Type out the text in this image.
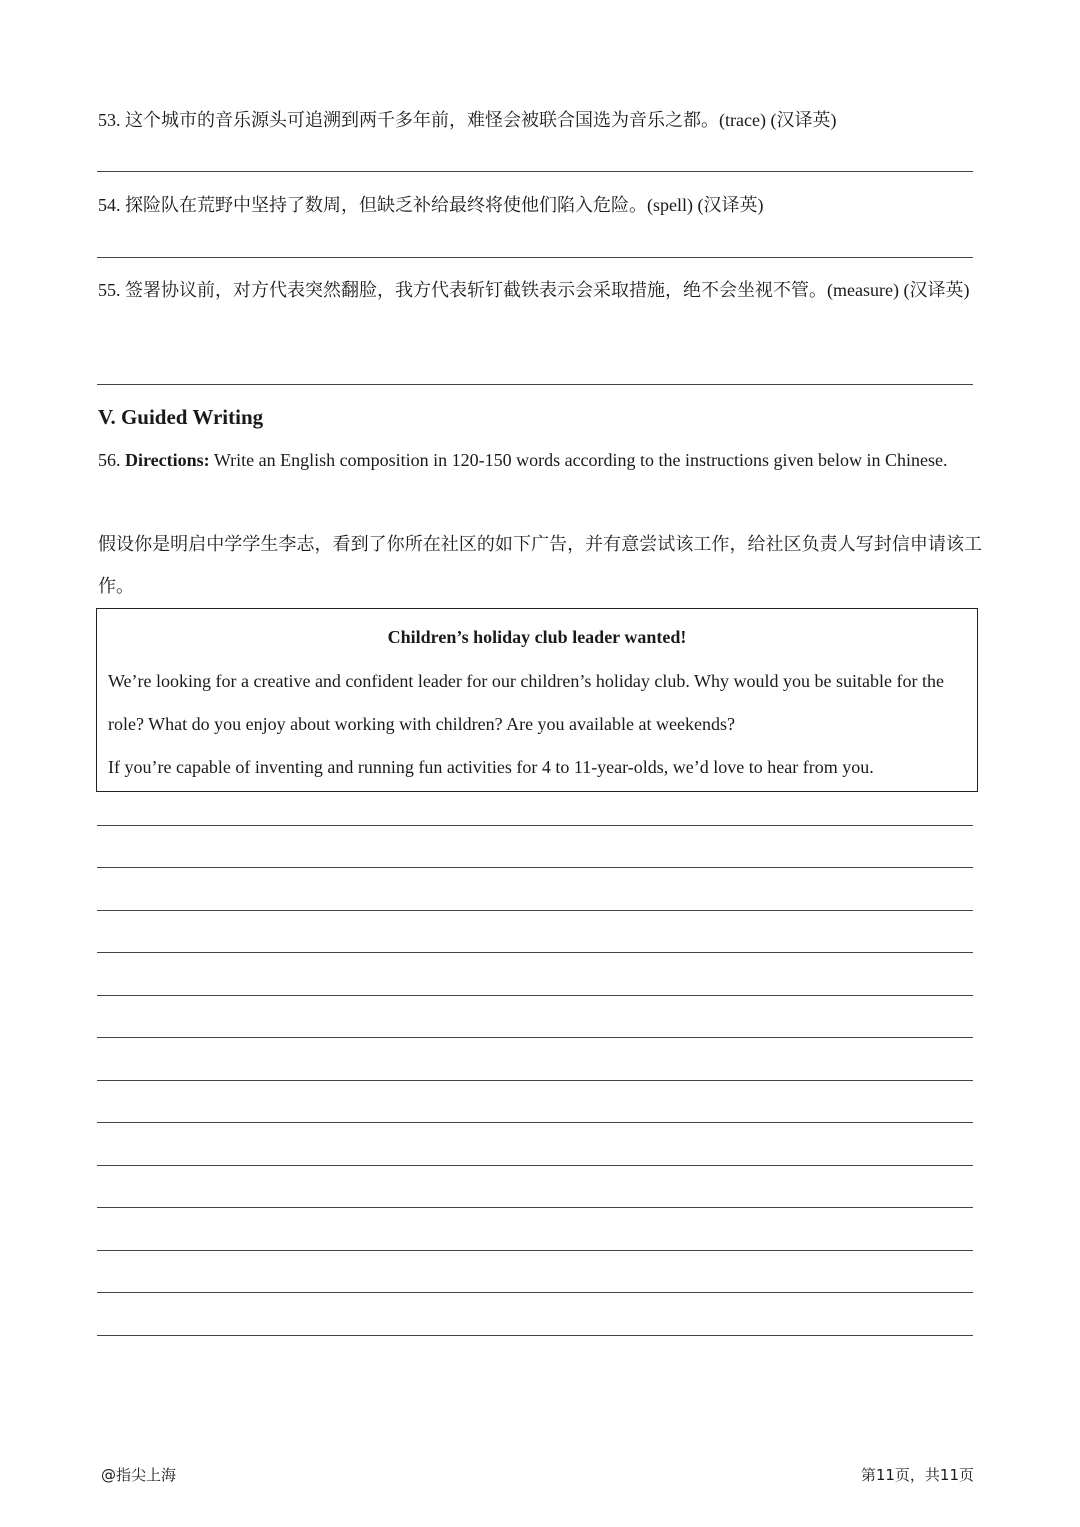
53. 这个城市的音乐源头可追溯到两千多年前，难怪会被联合国选为音乐之都。(trace) (汉译英)
54. 探险队在荒野中坚持了数周，但缺乏补给最终将使他们陷入危险。(spell) (汉译英)
55. 签署协议前，对方代表突然翻脸，我方代表斩钉截铁表示会采取措施，绝不会坐视不管。(measure) (汉译英)
V. Guided Writing
56. Directions: Write an English composition in 120-150 words according to the instructions given below in Chinese.
假设你是明启中学学生李志，看到了你所在社区的如下广告，并有意尝试该工作，给社区负责人写封信申请该工作。
Children’s holiday club leader wanted!
We’re looking for a creative and confident leader for our children’s holiday club. Why would you be suitable for the role? What do you enjoy about working with children? Are you available at weekends?
If you’re capable of inventing and running fun activities for 4 to 11-year-olds, we’d love to hear from you.
@指尖上海	第11页，共11页
